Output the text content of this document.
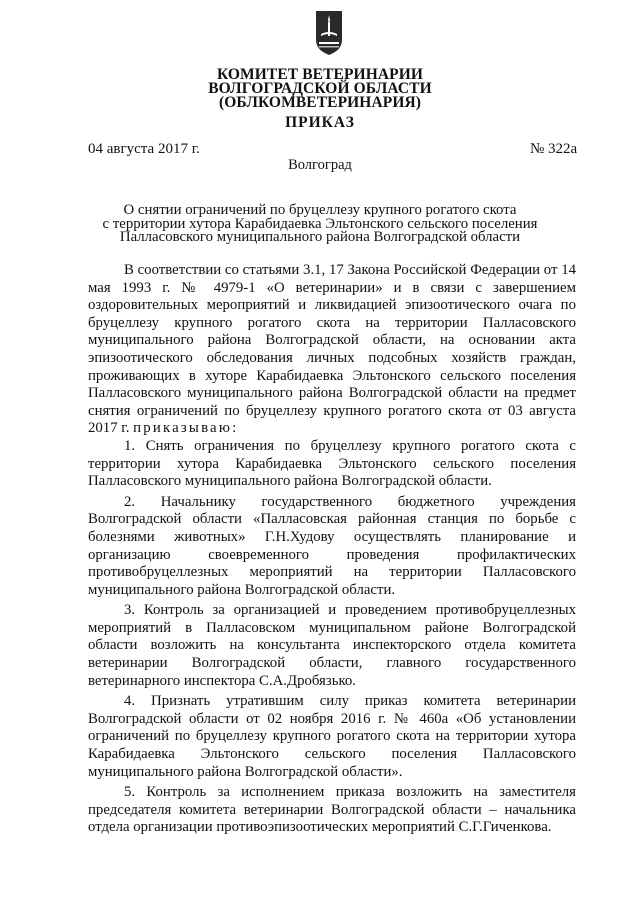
КОМИТЕТ ВЕТЕРИНАРИИ
ВОЛГОГРАДСКОЙ ОБЛАСТИ
(ОБЛКОМВЕТЕРИНАРИЯ)
ПРИКАЗ
04 августа 2017 г.	№ 322а
Волгоград
О снятии ограничений по бруцеллезу крупного рогатого скота
с территории хутора Карабидаевка Эльтонского сельского поселения
Палласовского муниципального района Волгоградской области

В соответствии со статьями 3.1, 17 Закона Российской Федерации от 14 мая 1993 г. № 4979-1 «О ветеринарии» и в связи с завершением оздоровительных мероприятий и ликвидацией эпизоотического очага по бруцеллезу крупного рогатого скота на территории Палласовского муниципального района Волгоградской области, на основании акта эпизоотического обследования личных подсобных хозяйств граждан, проживающих в хуторе Карабидаевка Эльтонского сельского поселения Палласовского муниципального района Волгоградской области на предмет снятия ограничений по бруцеллезу крупного рогатого скота от 03 августа 2017 г. приказываю:

1. Снять ограничения по бруцеллезу крупного рогатого скота с территории хутора Карабидаевка Эльтонского сельского поселения Палласовского муниципального района Волгоградской области.

2. Начальнику государственного бюджетного учреждения Волгоградской области «Палласовская районная станция по борьбе с болезнями животных» Г.Н.Худову осуществлять планирование и организацию своевременного проведения профилактических противобруцеллезных мероприятий на территории Палласовского муниципального района Волгоградской области.

3. Контроль за организацией и проведением противобруцеллезных мероприятий в Палласовском муниципальном районе Волгоградской области возложить на консультанта инспекторского отдела комитета ветеринарии Волгоградской области, главного государственного ветеринарного инспектора С.А.Дробязько.

4. Признать утратившим силу приказ комитета ветеринарии Волгоградской области от 02 ноября 2016 г. № 460а «Об установлении ограничений по бруцеллезу крупного рогатого скота на территории хутора Карабидаевка Эльтонского сельского поселения Палласовского муниципального района Волгоградской области».

5. Контроль за исполнением приказа возложить на заместителя председателя комитета ветеринарии Волгоградской области – начальника отдела организации противоэпизоотических мероприятий С.Г.Гиченкова.
